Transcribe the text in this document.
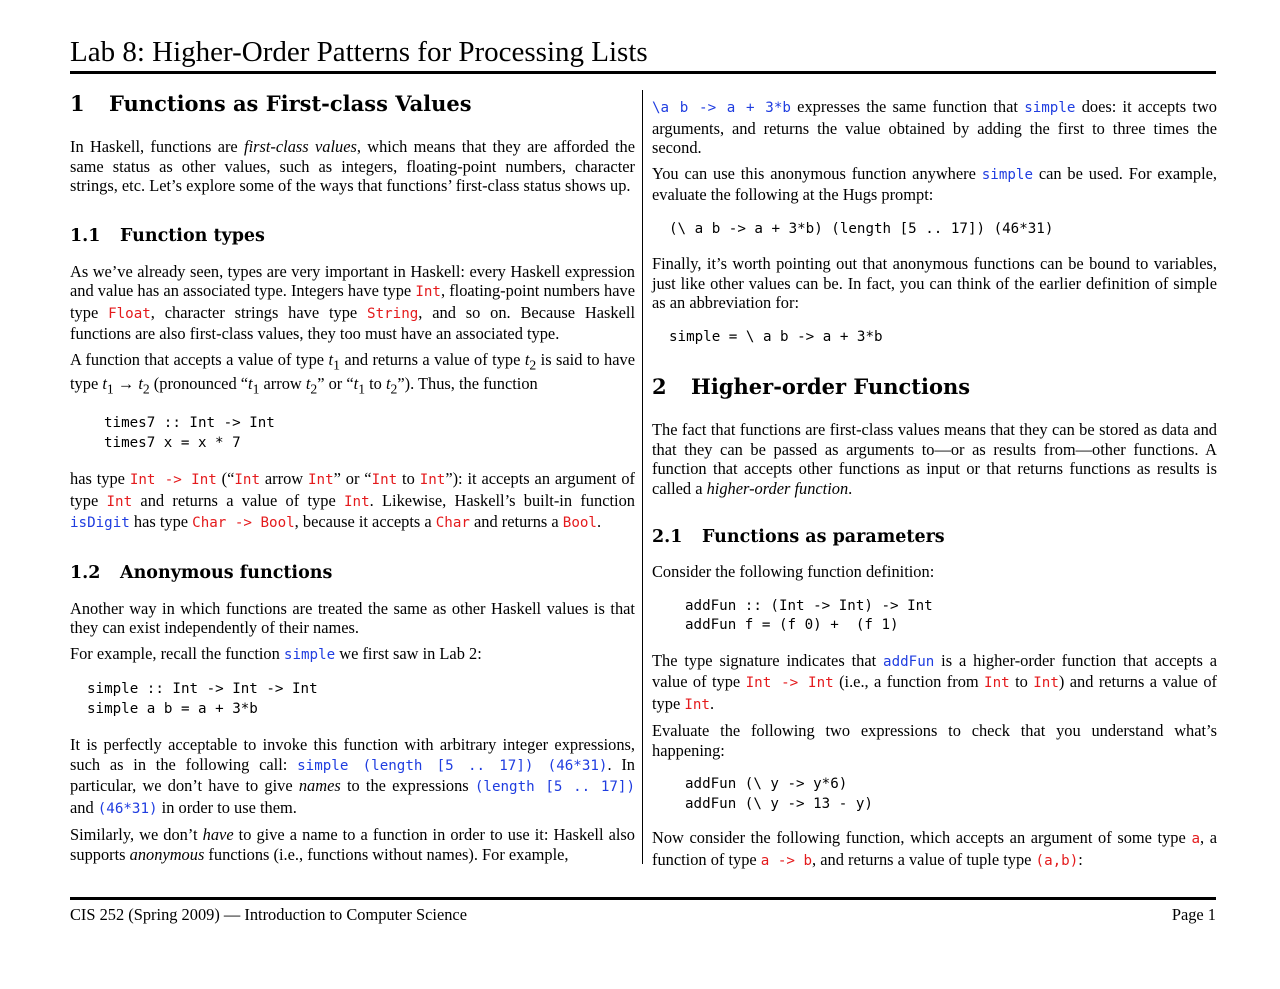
Lab 8: Higher-Order Patterns for Processing Lists
1 Functions as First-class Values

In Haskell, functions are first-class values, which means that they are afforded the same status as other values, such as integers, floating-point numbers, character strings, etc. Let’s explore some of the ways that functions’ first-class status shows up.

1.1 Function types

As we’ve already seen, types are very important in Haskell: every Haskell expression and value has an associated type. Integers have type Int, floating-point numbers have type Float, character strings have type String, and so on. Because Haskell functions are also first-class values, they too must have an associated type.

A function that accepts a value of type $t_1$ and returns a value of type $t_2$ is said to have type $t_1 \to t_2$ (pronounced “$t_1$ arrow $t_2$” or “$t_1$ to $t_2$”). Thus, the function

times7 :: Int -> Int
times7 x = x * 7

has type Int -> Int (“Int arrow Int” or “Int to Int”): it accepts an argument of type Int and returns a value of type Int. Likewise, Haskell’s built-in function isDigit has type Char -> Bool, because it accepts a Char and returns a Bool.

1.2 Anonymous functions

Another way in which functions are treated the same as other Haskell values is that they can exist independently of their names.

For example, recall the function simple we first saw in Lab 2:

simple :: Int -> Int -> Int
simple a b = a + 3*b

It is perfectly acceptable to invoke this function with arbitrary integer expressions, such as in the following call: simple (length [5 .. 17]) (46*31). In particular, we don’t have to give names to the expressions (length [5 .. 17]) and (46*31) in order to use them.

Similarly, we don’t have to give a name to a function in order to use it: Haskell also supports anonymous functions (i.e., functions without names). For example,

\a b -> a + 3*b expresses the same function that simple does: it accepts two arguments, and returns the value obtained by adding the first to three times the second.

You can use this anonymous function anywhere simple can be used. For example, evaluate the following at the Hugs prompt:

(\ a b -> a + 3*b) (length [5 .. 17]) (46*31)

Finally, it’s worth pointing out that anonymous functions can be bound to variables, just like other values can be. In fact, you can think of the earlier definition of simple as an abbreviation for:

simple = \ a b -> a + 3*b
2 Higher-order Functions

The fact that functions are first-class values means that they can be stored as data and that they can be passed as arguments to—or as results from—other functions. A function that accepts other functions as input or that returns functions as results is called a higher-order function.

2.1 Functions as parameters

Consider the following function definition:

addFun :: (Int -> Int) -> Int
addFun f = (f 0) +  (f 1)

The type signature indicates that addFun is a higher-order function that accepts a value of type Int -> Int (i.e., a function from Int to Int) and returns a value of type Int.

Evaluate the following two expressions to check that you understand what’s happening:

addFun (\ y -> y*6)
addFun (\ y -> 13 - y)

Now consider the following function, which accepts an argument of some type a, a function of type a -> b, and returns a value of tuple type (a,b):

CIS 252 (Spring 2009) — Introduction to Computer Science	Page 1
